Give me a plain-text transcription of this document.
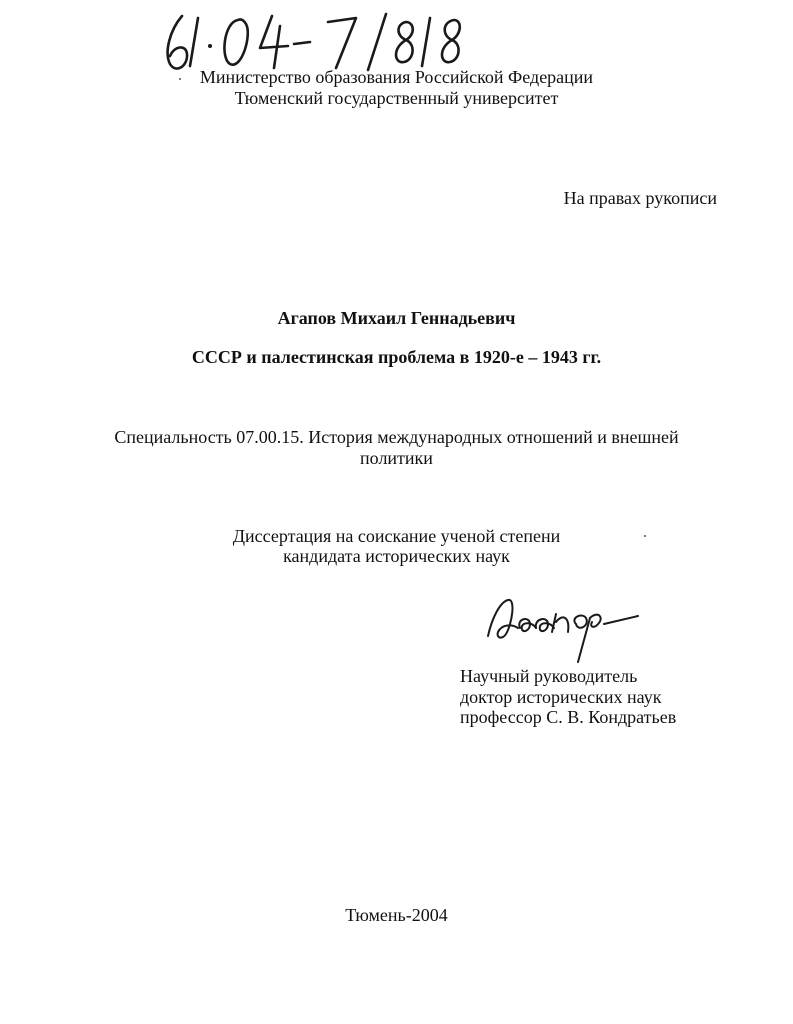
Министерство образования Российской Федерации
Тюменский государственный университет
На правах рукописи
Агапов Михаил Геннадьевич
СССР и палестинская проблема в 1920-е – 1943 гг.
Специальность 07.00.15. История международных отношений и внешней
политики
Диссертация на соискание ученой степени
кандидата исторических наук
Научный руководитель
доктор исторических наук
профессор С. В. Кондратьев
Тюмень-2004
